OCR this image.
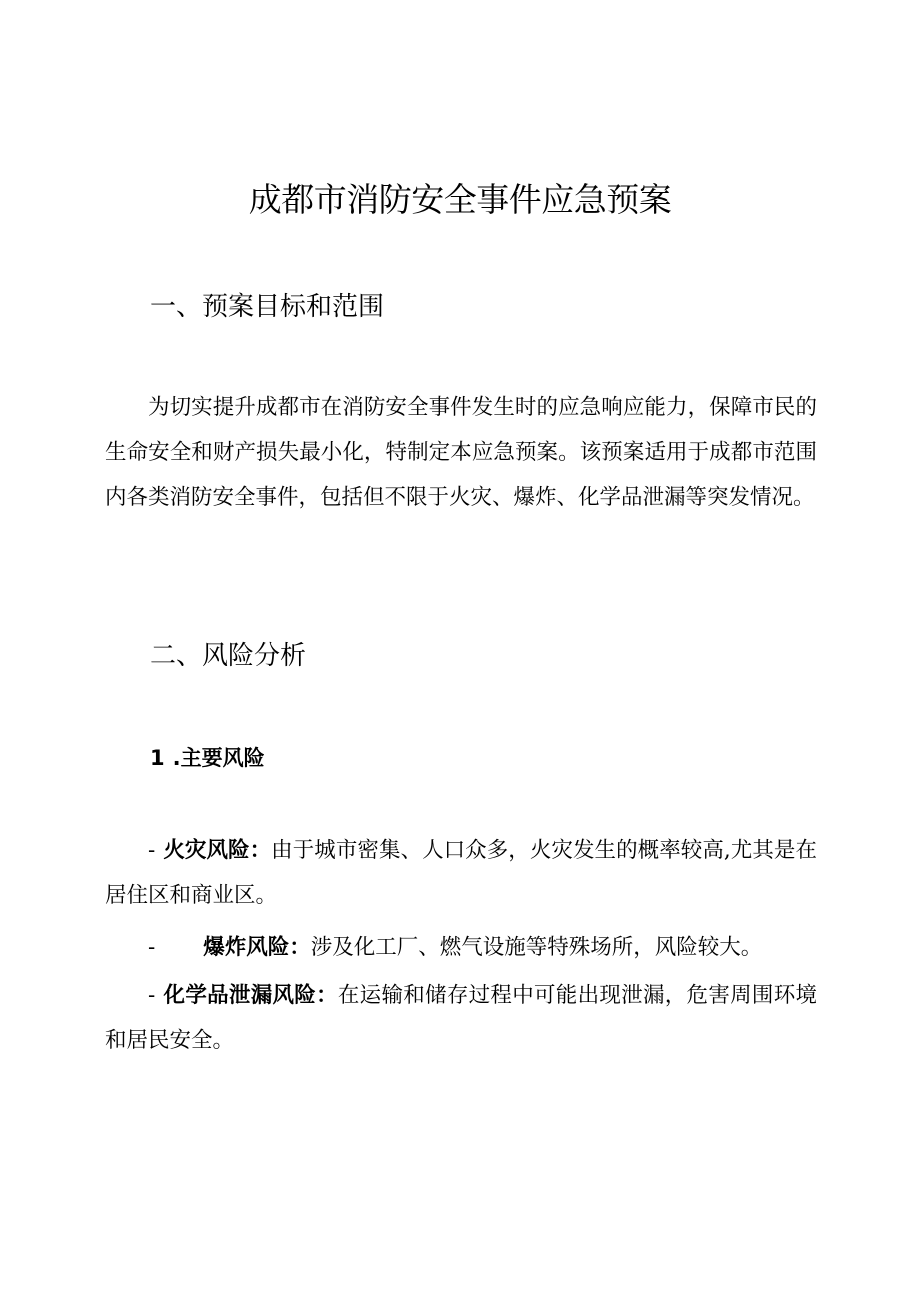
成都市消防安全事件应急预案
一、预案目标和范围

为切实提升成都市在消防安全事件发生时的应急响应能力，保障市民的生命安全和财产损失最小化，特制定本应急预案。该预案适用于成都市范围内各类消防安全事件，包括但不限于火灾、爆炸、化学品泄漏等突发情况。

二、风险分析
1 .主要风险

- 火灾风险：由于城市密集、人口众多，火灾发生的概率较高,尤其是在居住区和商业区。

- 爆炸风险：涉及化工厂、燃气设施等特殊场所，风险较大。

- 化学品泄漏风险：在运输和储存过程中可能出现泄漏，危害周围环境和居民安全。
